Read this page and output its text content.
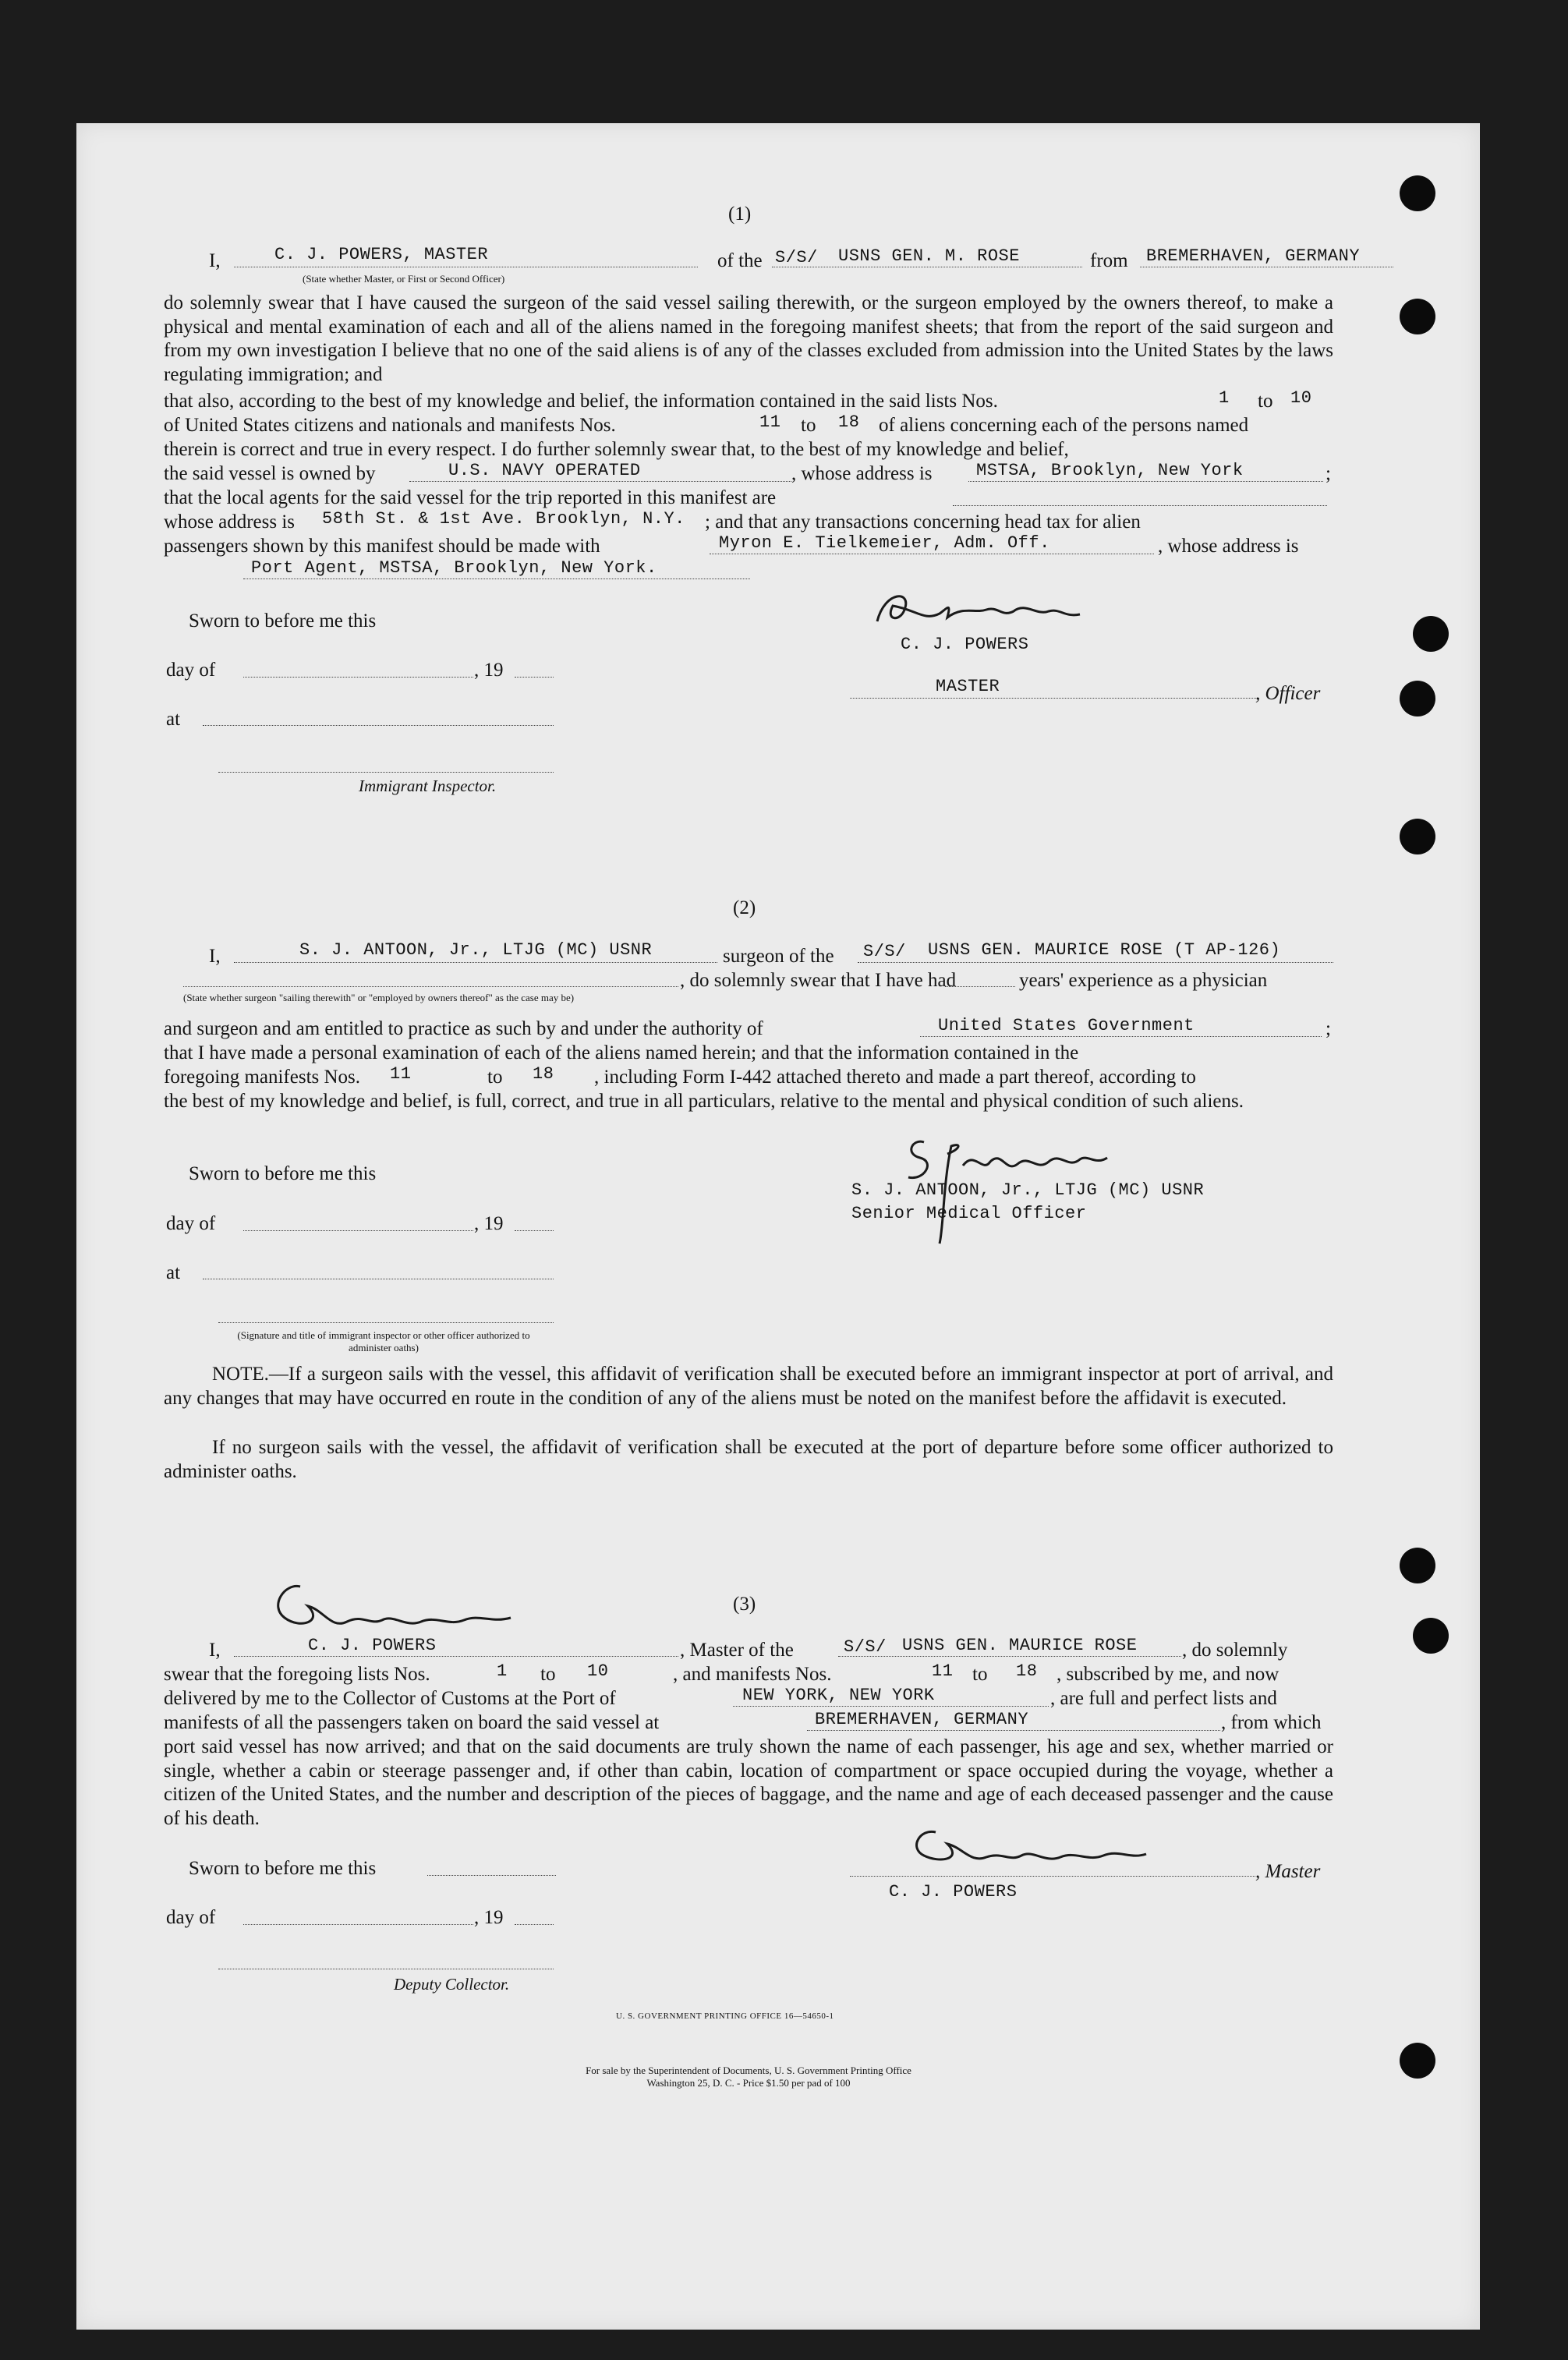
(1)
I,	C. J. POWERS, MASTER	of the S/S/ USNS GEN. M. ROSE	from BREMERHAVEN, GERMANY
(State whether Master, or First or Second Officer)
do solemnly swear that I have caused the surgeon of the said vessel sailing therewith, or the surgeon employed by the owners thereof, to make a physical and mental examination of each and all of the aliens named in the foregoing manifest sheets; that from the report of the said surgeon and from my own investigation I believe that no one of the said aliens is of any of the classes excluded from admission into the United States by the laws regulating immigration; and
that also, according to the best of my knowledge and belief, the information contained in the said lists Nos.	1 to 10
of United States citizens and nationals and manifests Nos.	11 to 18 of aliens concerning each of the persons named
therein is correct and true in every respect. I do further solemnly swear that, to the best of my knowledge and belief,
the said vessel is owned by	U.S. NAVY OPERATED	, whose address is	MSTSA, Brooklyn, New York	;
that the local agents for the said vessel for the trip reported in this manifest are
whose address is 58th St. & 1st Ave. Brooklyn, N.Y. ; and that any transactions concerning head tax for alien
passengers shown by this manifest should be made with	Myron E. Tielkemeier, Adm. Off.	, whose address is
Port Agent, MSTSA, Brooklyn, New York.
Sworn to before me this
day of	, 19
at
Immigrant Inspector.
C. J. POWERS
MASTER	, Officer
(2)
I,	S. J. ANTOON, Jr., LTJG (MC) USNR	surgeon of the S/S/ USNS GEN. MAURICE ROSE (T AP-126)
, do solemnly swear that I have had	years' experience as a physician
(State whether surgeon "sailing therewith" or "employed by owners thereof" as the case may be)
and surgeon and am entitled to practice as such by and under the authority of	United States Government	;
that I have made a personal examination of each of the aliens named herein; and that the information contained in the
foregoing manifests Nos. 11	to 18 , including Form I-442 attached thereto and made a part thereof, according to
the best of my knowledge and belief, is full, correct, and true in all particulars, relative to the mental and physical condition of such aliens.
Sworn to before me this
day of	, 19
at
(Signature and title of immigrant inspector or other officer authorized to administer oaths)
S. J. ANTOON, Jr., LTJG (MC) USNR
Senior Medical Officer
NOTE.—If a surgeon sails with the vessel, this affidavit of verification shall be executed before an immigrant inspector at port of arrival, and any changes that may have occurred en route in the condition of any of the aliens must be noted on the manifest before the affidavit is executed.
If no surgeon sails with the vessel, the affidavit of verification shall be executed at the port of departure before some officer authorized to administer oaths.
(3)
I,	C. J. POWERS	, Master of the	S/S/ USNS GEN. MAURICE ROSE , do solemnly
swear that the foregoing lists Nos.	1 to 10	, and manifests Nos.	11 to 18 , subscribed by me, and now
delivered by me to the Collector of Customs at the Port of	NEW YORK, NEW YORK	, are full and perfect lists and
manifests of all the passengers taken on board the said vessel at	BREMERHAVEN, GERMANY	, from which
port said vessel has now arrived; and that on the said documents are truly shown the name of each passenger, his age and sex, whether married or single, whether a cabin or steerage passenger and, if other than cabin, location of compartment or space occupied during the voyage, whether a citizen of the United States, and the number and description of the pieces of baggage, and the name and age of each deceased passenger and the cause of his death.
Sworn to before me this
day of	, 19
Deputy Collector.
, Master
C. J. POWERS
U. S. GOVERNMENT PRINTING OFFICE 16—54650-1
For sale by the Superintendent of Documents, U. S. Government Printing Office
Washington 25, D. C. - Price $1.50 per pad of 100
